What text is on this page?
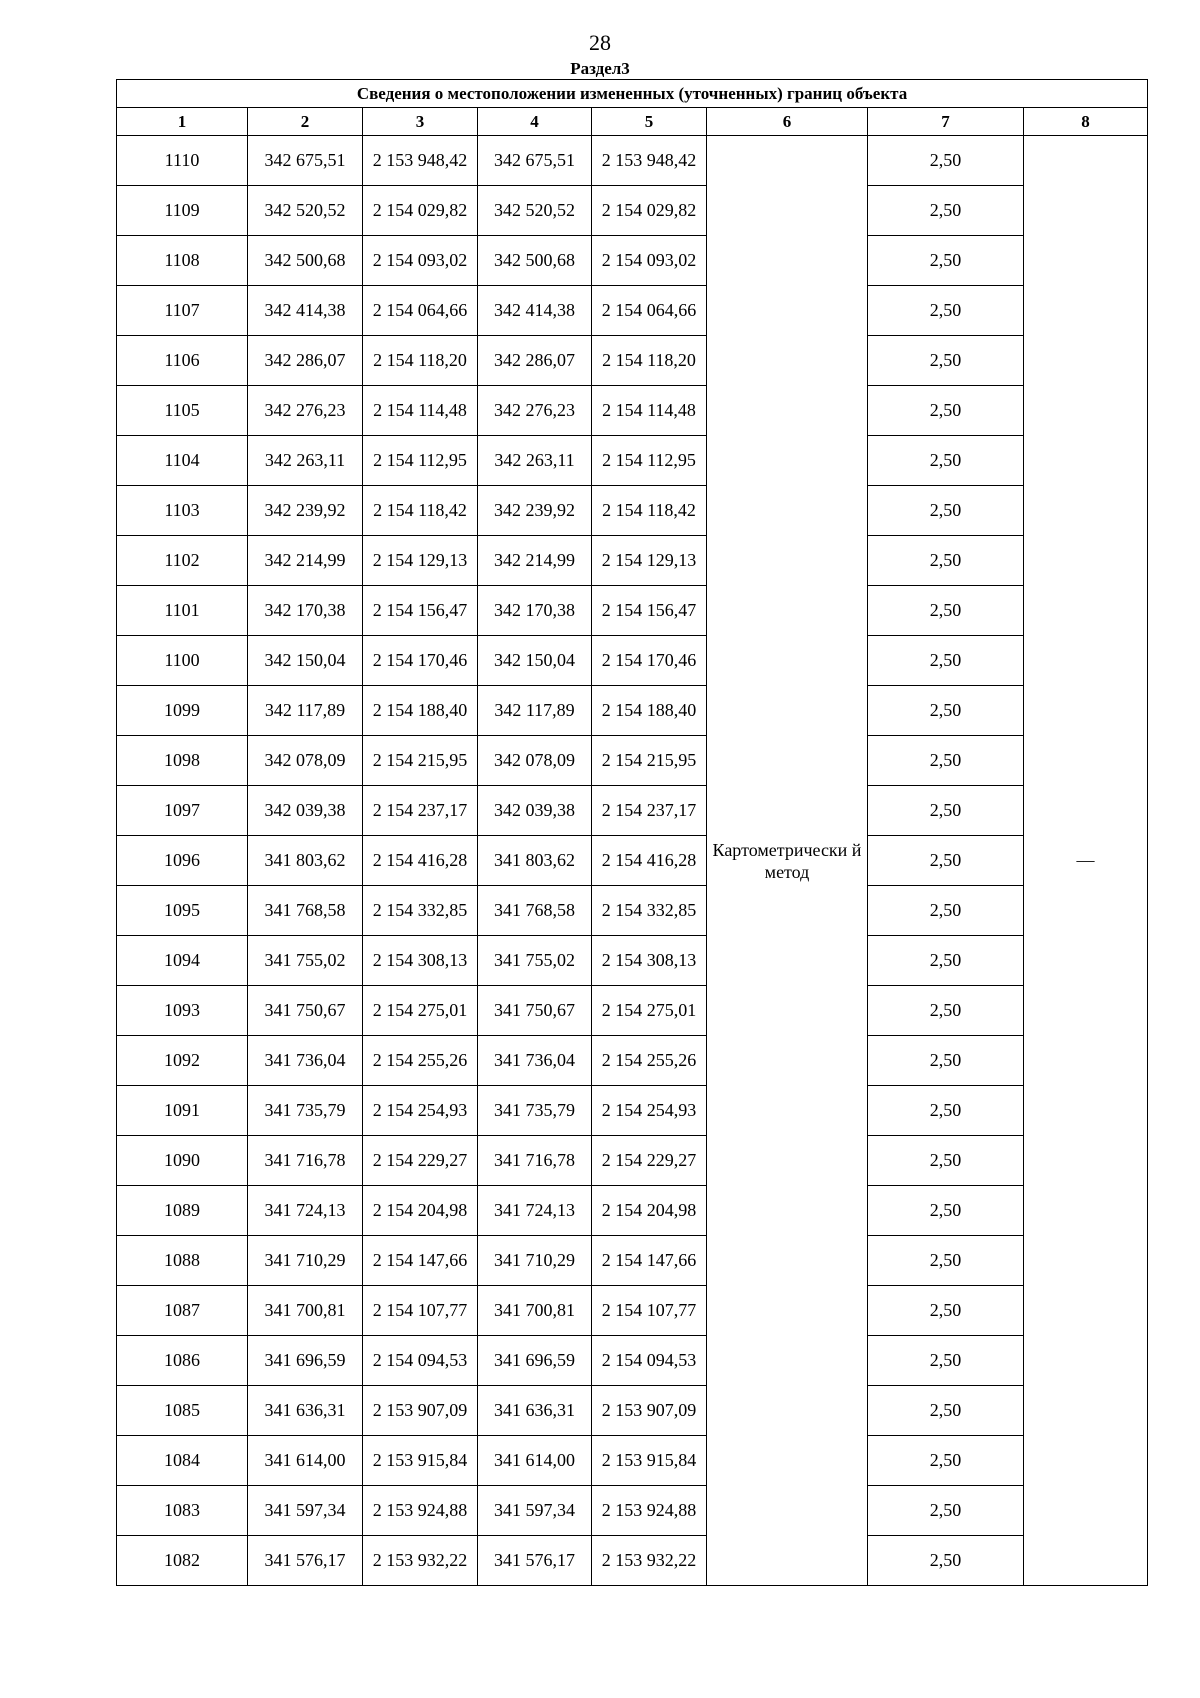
28
Раздел3
Сведения о местоположении измененных (уточненных) границ объекта							
1	2	3	4	5	6	7	8
1110	342 675,51	2 153 948,42	342 675,51	2 153 948,42	Картометрически й метод	2,50	—
1109	342 520,52	2 154 029,82	342 520,52	2 154 029,82		2,50	
1108	342 500,68	2 154 093,02	342 500,68	2 154 093,02		2,50	
1107	342 414,38	2 154 064,66	342 414,38	2 154 064,66		2,50	
1106	342 286,07	2 154 118,20	342 286,07	2 154 118,20		2,50	
1105	342 276,23	2 154 114,48	342 276,23	2 154 114,48		2,50	
1104	342 263,11	2 154 112,95	342 263,11	2 154 112,95		2,50	
1103	342 239,92	2 154 118,42	342 239,92	2 154 118,42		2,50	
1102	342 214,99	2 154 129,13	342 214,99	2 154 129,13		2,50	
1101	342 170,38	2 154 156,47	342 170,38	2 154 156,47		2,50	
1100	342 150,04	2 154 170,46	342 150,04	2 154 170,46		2,50	
1099	342 117,89	2 154 188,40	342 117,89	2 154 188,40		2,50	
1098	342 078,09	2 154 215,95	342 078,09	2 154 215,95		2,50	
1097	342 039,38	2 154 237,17	342 039,38	2 154 237,17		2,50	
1096	341 803,62	2 154 416,28	341 803,62	2 154 416,28		2,50	
1095	341 768,58	2 154 332,85	341 768,58	2 154 332,85		2,50	
1094	341 755,02	2 154 308,13	341 755,02	2 154 308,13		2,50	
1093	341 750,67	2 154 275,01	341 750,67	2 154 275,01		2,50	
1092	341 736,04	2 154 255,26	341 736,04	2 154 255,26		2,50	
1091	341 735,79	2 154 254,93	341 735,79	2 154 254,93		2,50	
1090	341 716,78	2 154 229,27	341 716,78	2 154 229,27		2,50	
1089	341 724,13	2 154 204,98	341 724,13	2 154 204,98		2,50	
1088	341 710,29	2 154 147,66	341 710,29	2 154 147,66		2,50	
1087	341 700,81	2 154 107,77	341 700,81	2 154 107,77		2,50	
1086	341 696,59	2 154 094,53	341 696,59	2 154 094,53		2,50	
1085	341 636,31	2 153 907,09	341 636,31	2 153 907,09		2,50	
1084	341 614,00	2 153 915,84	341 614,00	2 153 915,84		2,50	
1083	341 597,34	2 153 924,88	341 597,34	2 153 924,88		2,50	
1082	341 576,17	2 153 932,22	341 576,17	2 153 932,22		2,50	
